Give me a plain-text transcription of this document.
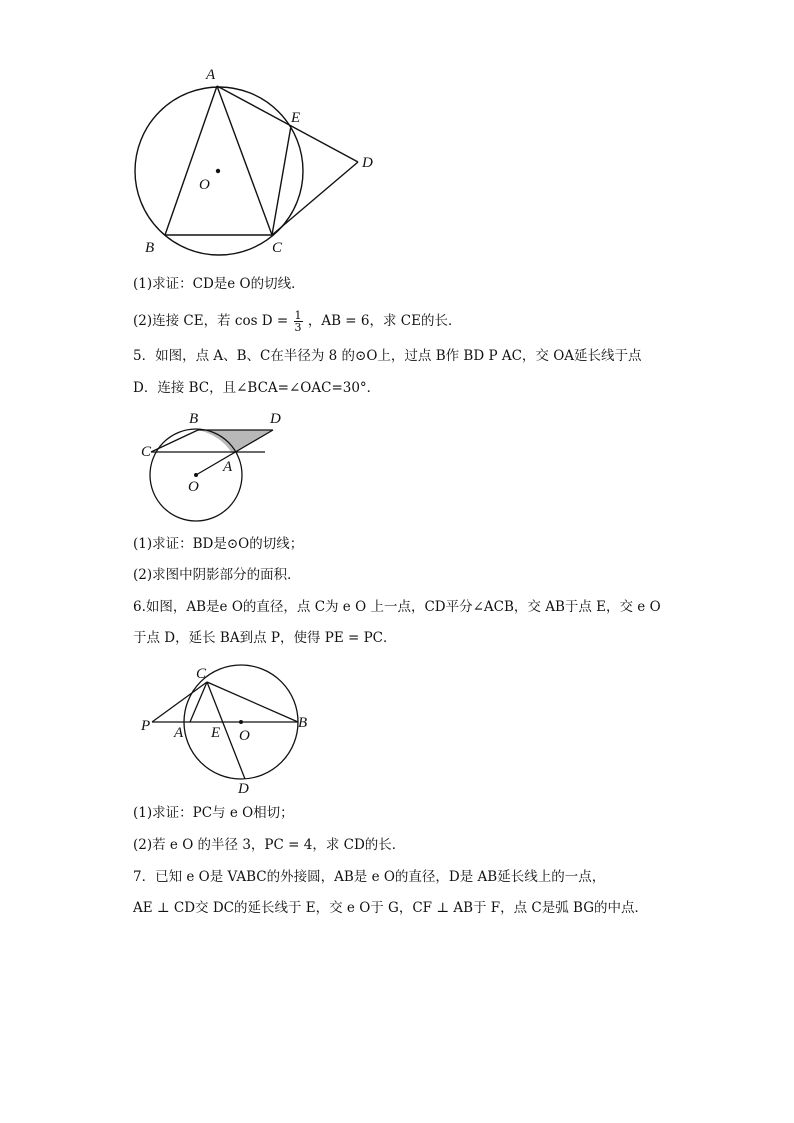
A
E
D
O
B	C
(1)求证：CD是e O的切线．
(2)连接 CE，若 $\cos D = \frac{1}{3}$ ，AB = 6，求 CE的长．
5．如图，点 A、B、C在半径为 8 的⊙O上，过点 B作 BD P AC，交 OA延长线于点
D．连接 BC，且∠BCA=∠OAC=30°．
B	D
C
A
O
(1)求证：BD是⊙O的切线；
(2)求图中阴影部分的面积．
6.如图，AB是e O的直径，点 C为 e O 上一点，CD平分∠ACB，交 AB于点 E，交 e O
于点 D，延长 BA到点 P，使得 PE = PC．
C
P	B
A E O
D
(1)求证：PC与 e O相切；
(2)若 e O 的半径 3，PC = 4，求 CD的长．
7．已知 e O是 VABC的外接圆，AB是 e O的直径，D是 AB延长线上的一点，
AE ⊥ CD交 DC的延长线于 E，交 e O于 G，CF ⊥ AB于 F，点 C是弧 BG的中点．
